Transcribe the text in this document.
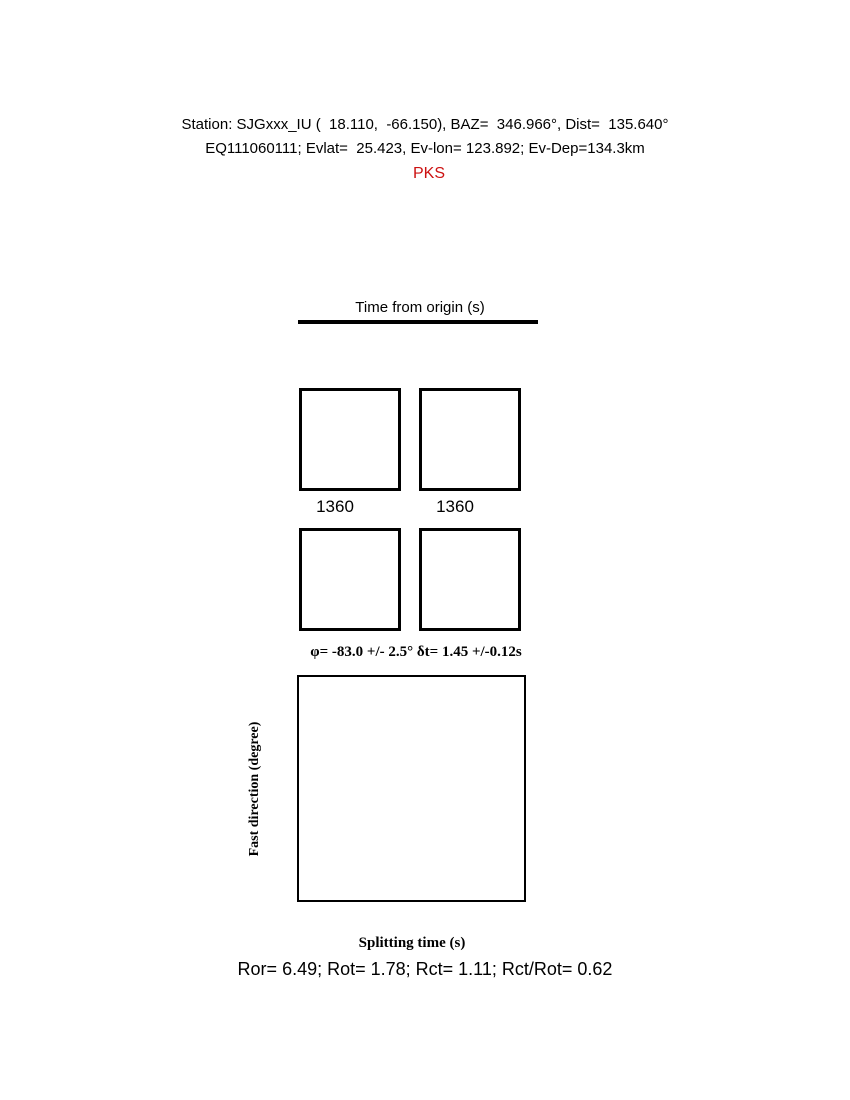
Station: SJGxxx_IU (  18.110,  -66.150), BAZ=  346.966°, Dist=  135.640°
EQ111060111; Evlat=  25.423, Ev-lon= 123.892; Ev-Dep=134.3km
PKS
Time from origin (s)
1360	1360
φ= -83.0 +/- 2.5° δt= 1.45 +/-0.12s
Fast direction (degree)
Splitting time (s)
Ror= 6.49; Rot= 1.78; Rct= 1.11; Rct/Rot= 0.62
